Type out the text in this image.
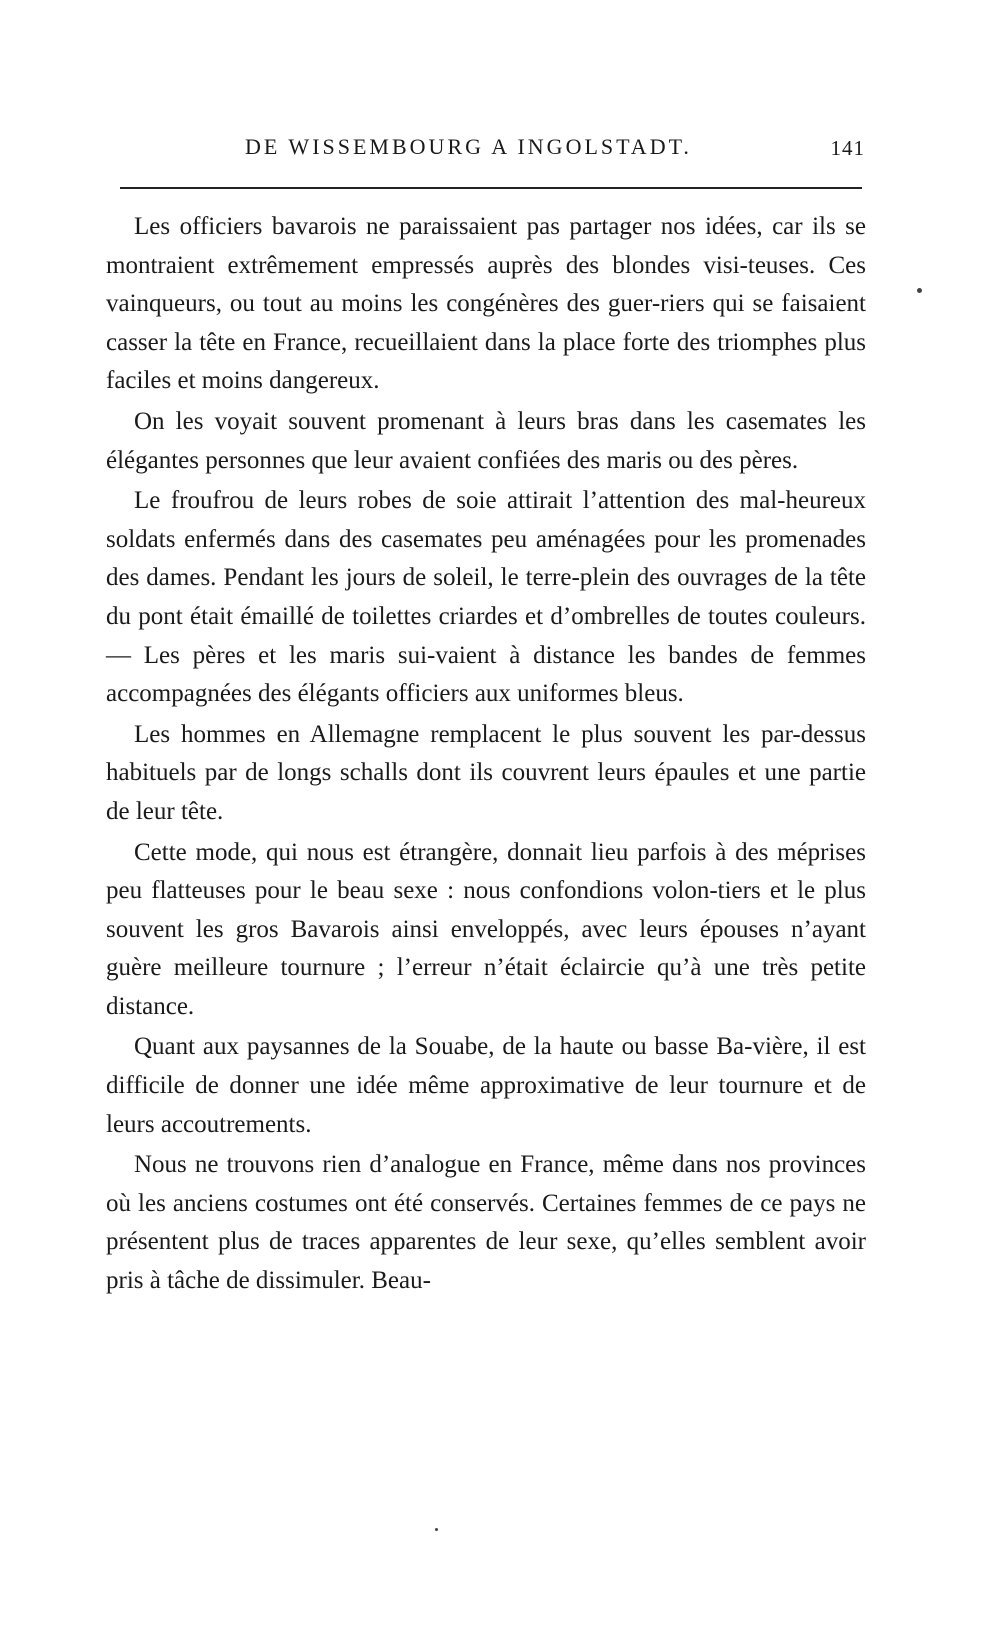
DE WISSEMBOURG A INGOLSTADT.	141

Les officiers bavarois ne paraissaient pas partager nos idées, car ils se montraient extrêmement empressés auprès des blondes visi-teuses. Ces vainqueurs, ou tout au moins les congénères des guer-riers qui se faisaient casser la tête en France, recueillaient dans la place forte des triomphes plus faciles et moins dangereux.

On les voyait souvent promenant à leurs bras dans les casemates les élégantes personnes que leur avaient confiées des maris ou des pères.

Le froufrou de leurs robes de soie attirait l’attention des mal-heureux soldats enfermés dans des casemates peu aménagées pour les promenades des dames. Pendant les jours de soleil, le terre-plein des ouvrages de la tête du pont était émaillé de toilettes criardes et d’ombrelles de toutes couleurs. — Les pères et les maris sui-vaient à distance les bandes de femmes accompagnées des élégants officiers aux uniformes bleus.

Les hommes en Allemagne remplacent le plus souvent les par-dessus habituels par de longs schalls dont ils couvrent leurs épaules et une partie de leur tête.

Cette mode, qui nous est étrangère, donnait lieu parfois à des méprises peu flatteuses pour le beau sexe : nous confondions volon-tiers et le plus souvent les gros Bavarois ainsi enveloppés, avec leurs épouses n’ayant guère meilleure tournure ; l’erreur n’était éclaircie qu’à une très petite distance.

Quant aux paysannes de la Souabe, de la haute ou basse Ba-vière, il est difficile de donner une idée même approximative de leur tournure et de leurs accoutrements.

Nous ne trouvons rien d’analogue en France, même dans nos provinces où les anciens costumes ont été conservés. Certaines femmes de ce pays ne présentent plus de traces apparentes de leur sexe, qu’elles semblent avoir pris à tâche de dissimuler. Beau-
